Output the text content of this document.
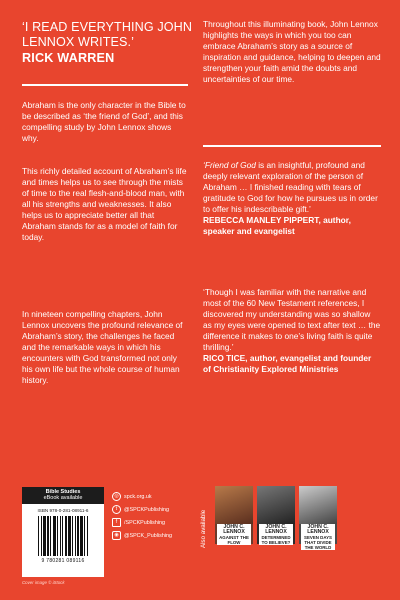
‘I READ EVERYTHING JOHN LENNOX WRITES.’
RICK WARREN
Abraham is the only character in the Bible to be described as ‘the friend of God’, and this compelling study by John Lennox shows why.
This richly detailed account of Abraham’s life and times helps us to see through the mists of time to the real flesh-and-blood man, with all his strengths and weaknesses. It also helps us to appreciate better all that Abraham stands for as a model of faith for today.
In nineteen compelling chapters, John Lennox uncovers the profound relevance of Abraham’s story, the challenges he faced and the remarkable ways in which his encounters with God transformed not only his own life but the whole course of human history.
Throughout this illuminating book, John Lennox highlights the ways in which you too can embrace Abraham’s story as a source of inspiration and guidance, helping to deepen and strengthen your faith amid the doubts and uncertainties of our time.
‘Friend of God is an insightful, profound and deeply relevant exploration of the person of Abraham … I finished reading with tears of gratitude to God for how he pursues us in order to offer his indescribable gift.’
REBECCA MANLEY PIPPERT, author, speaker and evangelist
‘Though I was familiar with the narrative and most of the 60 New Testament references, I discovered my understanding was so shallow as my eyes were opened to text after text … the difference it makes to one’s living faith is quite thrilling.’
RICO TICE, author, evangelist and founder of Christianity Explored Ministries
Bible Studies
eBook available
ISBN 978-0-281-08911-6
9 780281 089116
Cover image © iStock
◎ spck.org.uk
t	@SPCKPublishing
f	/SPCKPublishing
◉ @SPCK_Publishing	Also available	JOHN C. LENNOX
AGAINST THE FLOW
JOHN C. LENNOX
DETERMINED TO BELIEVE?
JOHN C. LENNOX
SEVEN DAYS THAT DIVIDE THE WORLD
